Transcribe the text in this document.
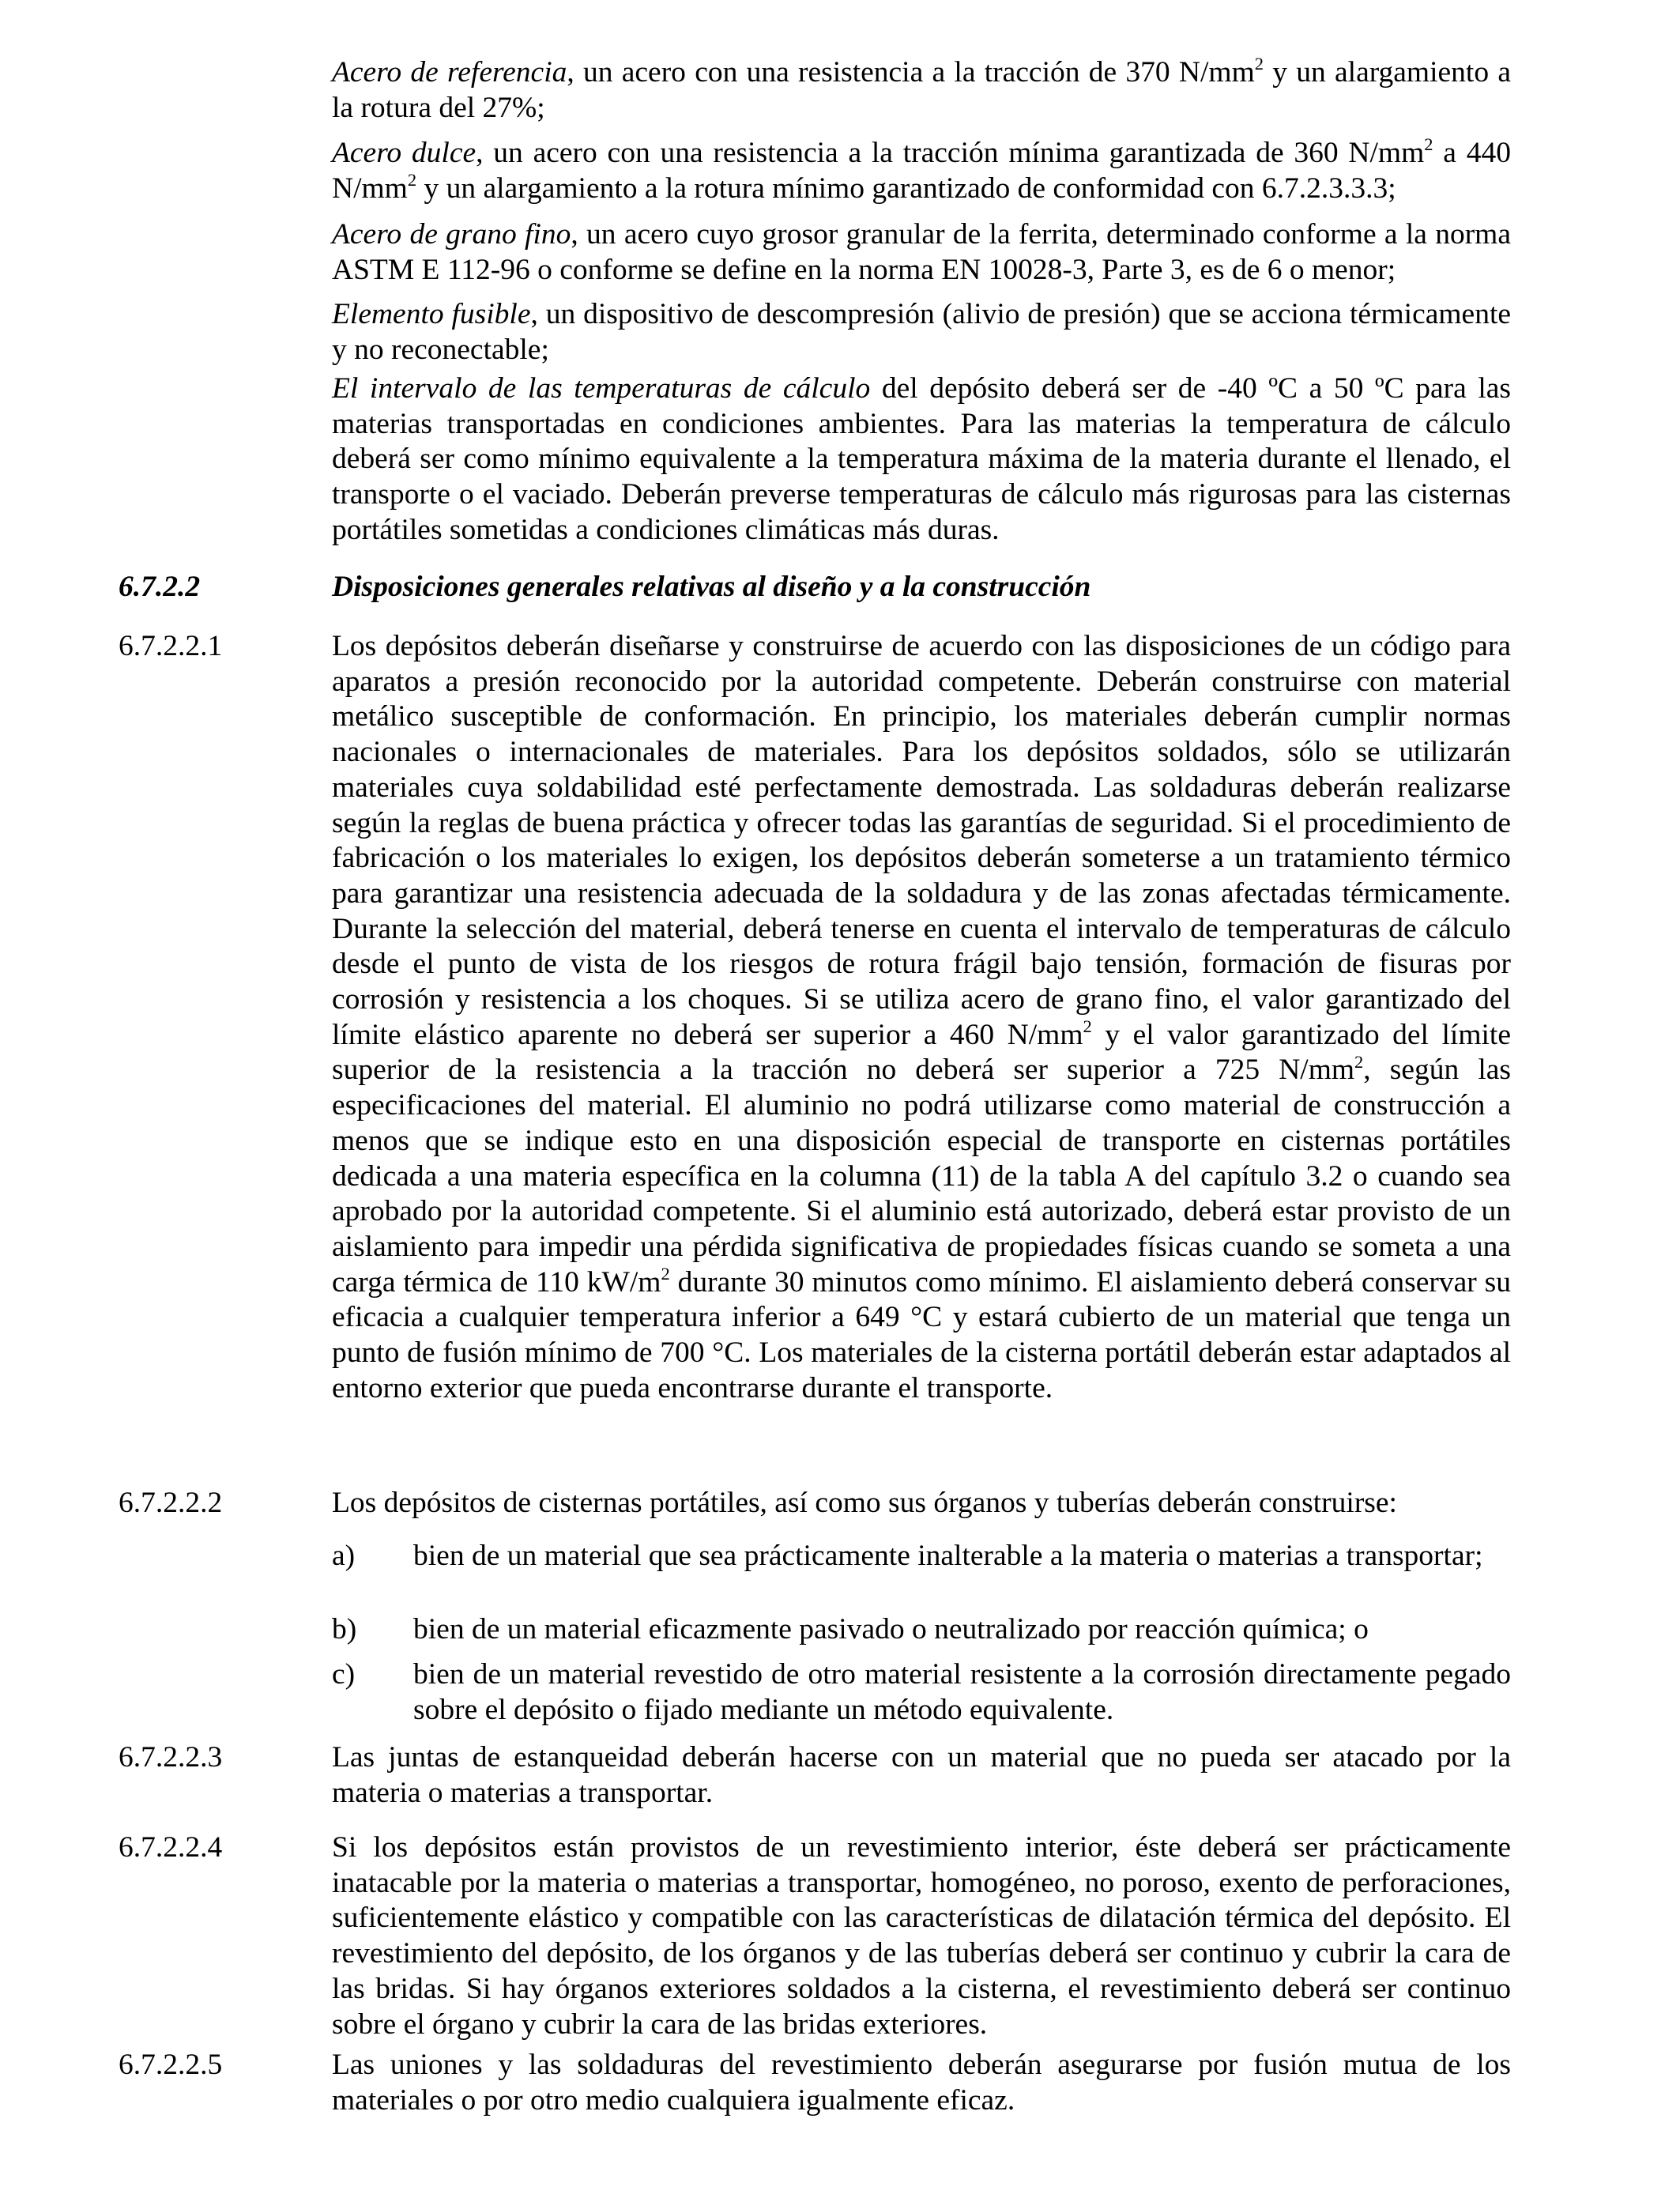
Acero de referencia, un acero con una resistencia a la tracción de 370 $N/mm^2$ y un alargamiento a la rotura del 27%;

Acero dulce, un acero con una resistencia a la tracción mínima garantizada de 360 $N/mm^2$ a 440 $N/mm^2$ y un alargamiento a la rotura mínimo garantizado de conformidad con 6.7.2.3.3.3;

Acero de grano fino, un acero cuyo grosor granular de la ferrita, determinado conforme a la norma ASTM E 112-96 o conforme se define en la norma EN 10028-3, Parte 3, es de 6 o menor;

Elemento fusible, un dispositivo de descompresión (alivio de presión) que se acciona térmicamente y no reconectable;

El intervalo de las temperaturas de cálculo del depósito deberá ser de -40 ºC a 50 ºC para las materias transportadas en condiciones ambientes. Para las materias la temperatura de cálculo deberá ser como mínimo equivalente a la temperatura máxima de la materia durante el llenado, el transporte o el vaciado. Deberán preverse temperaturas de cálculo más rigurosas para las cisternas portátiles sometidas a condiciones climáticas más duras.

6.7.2.2	Disposiciones generales relativas al diseño y a la construcción

6.7.2.2.1	Los depósitos deberán diseñarse y construirse de acuerdo con las disposiciones de un código para aparatos a presión reconocido por la autoridad competente. Deberán construirse con material metálico susceptible de conformación. En principio, los materiales deberán cumplir normas nacionales o internacionales de materiales. Para los depósitos soldados, sólo se utilizarán materiales cuya soldabilidad esté perfectamente demostrada. Las soldaduras deberán realizarse según la reglas de buena práctica y ofrecer todas las garantías de seguridad. Si el procedimiento de fabricación o los materiales lo exigen, los depósitos deberán someterse a un tratamiento térmico para garantizar una resistencia adecuada de la soldadura y de las zonas afectadas térmicamente. Durante la selección del material, deberá tenerse en cuenta el intervalo de temperaturas de cálculo desde el punto de vista de los riesgos de rotura frágil bajo tensión, formación de fisuras por corrosión y resistencia a los choques. Si se utiliza acero de grano fino, el valor garantizado del límite elástico aparente no deberá ser superior a 460 $N/mm^2$ y el valor garantizado del límite superior de la resistencia a la tracción no deberá ser superior a 725 $N/mm^2$, según las especificaciones del material. El aluminio no podrá utilizarse como material de construcción a menos que se indique esto en una disposición especial de transporte en cisternas portátiles dedicada a una materia específica en la columna (11) de la tabla A del capítulo 3.2 o cuando sea aprobado por la autoridad competente. Si el aluminio está autorizado, deberá estar provisto de un aislamiento para impedir una pérdida significativa de propiedades físicas cuando se someta a una carga térmica de 110 $kW/m^2$ durante 30 minutos como mínimo. El aislamiento deberá conservar su eficacia a cualquier temperatura inferior a 649 °C y estará cubierto de un material que tenga un punto de fusión mínimo de 700 °C. Los materiales de la cisterna portátil deberán estar adaptados al entorno exterior que pueda encontrarse durante el transporte.

6.7.2.2.2	Los depósitos de cisternas portátiles, así como sus órganos y tuberías deberán construirse:

a) bien de un material que sea prácticamente inalterable a la materia o materias a transportar;

b) bien de un material eficazmente pasivado o neutralizado por reacción química; o

c) bien de un material revestido de otro material resistente a la corrosión directamente pegado sobre el depósito o fijado mediante un método equivalente.

6.7.2.2.3	Las juntas de estanqueidad deberán hacerse con un material que no pueda ser atacado por la materia o materias a transportar.

6.7.2.2.4	Si los depósitos están provistos de un revestimiento interior, éste deberá ser prácticamente inatacable por la materia o materias a transportar, homogéneo, no poroso, exento de perforaciones, suficientemente elástico y compatible con las características de dilatación térmica del depósito. El revestimiento del depósito, de los órganos y de las tuberías deberá ser continuo y cubrir la cara de las bridas. Si hay órganos exteriores soldados a la cisterna, el revestimiento deberá ser continuo sobre el órgano y cubrir la cara de las bridas exteriores.

6.7.2.2.5	Las uniones y las soldaduras del revestimiento deberán asegurarse por fusión mutua de los materiales o por otro medio cualquiera igualmente eficaz.
